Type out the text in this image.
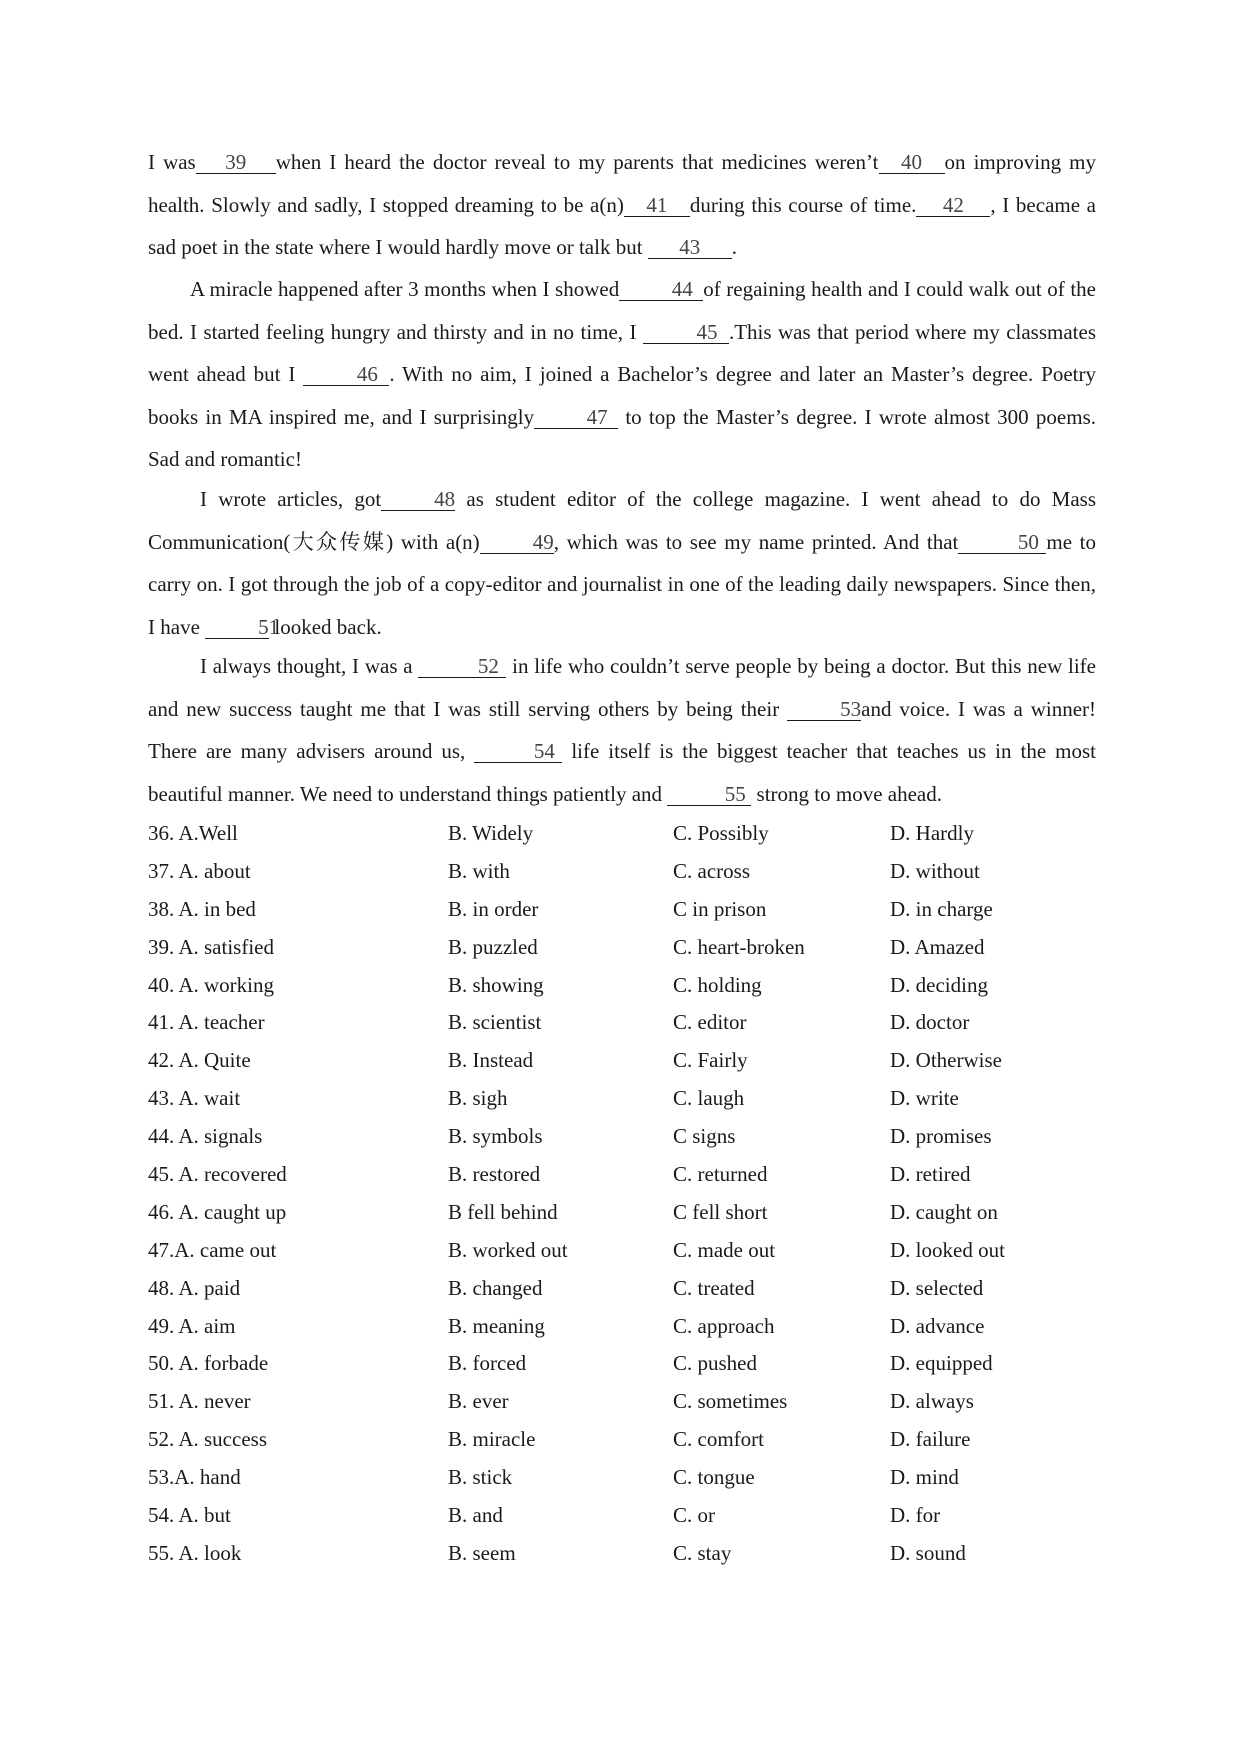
I was 39 when I heard the doctor reveal to my parents that medicines weren’t 40 on improving my health. Slowly and sadly, I stopped dreaming to be a(n) 41 during this course of time. 42 , I became a sad poet in the state where I would hardly move or talk but 43 .

A miracle happened after 3 months when I showed	44 of regaining health and I could walk out of the bed. I started feeling hungry and thirsty and in no time, I	45 .This was that period where my classmates went ahead but I	46 . With no aim, I joined a Bachelor’s degree and later an Master’s degree. Poetry books in MA inspired me, and I surprisingly	47 to top the Master’s degree. I wrote almost 300 poems. Sad and romantic!

I wrote articles, got	48 as student editor of the college magazine. I went ahead to do Mass Communication(大众传媒) with a(n)	49, which was to see my name printed. And that	50 me to carry on. I got through the job of a copy-editor and journalist in one of the leading daily newspapers. Since then, I have	51 looked back.

I always thought, I was a	52 in life who couldn’t serve people by being a doctor. But this new life and new success taught me that I was still serving others by being their	53and voice. I was a winner! There are many advisers around us,	54 life itself is the biggest teacher that teaches us in the most beautiful manner. We need to understand things patiently and	55 strong to move ahead.

36. A.Well	B. Widely	C. Possibly	D. Hardly
37. A. about	B. with	C. across	D. without
38. A. in bed	B. in order	C in prison	D. in charge
39. A. satisfied	B. puzzled	C. heart-broken	D. Amazed
40. A. working	B. showing	C. holding	D. deciding
41. A. teacher	B. scientist	C. editor	D. doctor
42. A. Quite	B. Instead	C. Fairly	D. Otherwise
43. A. wait	B. sigh	C. laugh	D. write
44. A. signals	B. symbols	C signs	D. promises
45. A. recovered	B. restored	C. returned	D. retired
46. A. caught up	B fell behind	C fell short	D. caught on
47.A. came out	B. worked out	C. made out	D. looked out
48. A. paid	B. changed	C. treated	D. selected
49. A. aim	B. meaning	C. approach	D. advance
50. A. forbade	B. forced	C. pushed	D. equipped
51. A. never	B. ever	C. sometimes	D. always
52. A. success	B. miracle	C. comfort	D. failure
53.A. hand	B. stick	C. tongue	D. mind
54. A. but	B. and	C. or	D. for
55. A. look	B. seem	C. stay	D. sound
